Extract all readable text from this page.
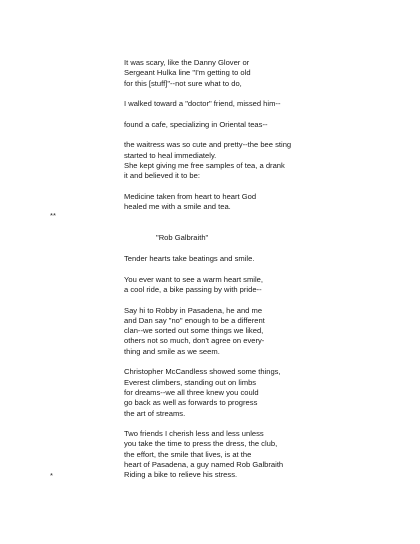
It was scary, like the Danny Glover or
Sergeant Hulka line "I'm getting to old
for this [stuff]"--not sure what to do,
I walked toward a "doctor" friend, missed him--
found a cafe, specializing in Oriental teas--
the waitress was so cute and pretty--the bee sting
started to heal immediately.
She kept giving me free samples of tea, a drank
it and believed it to be:
Medicine taken from heart to heart God
healed me with a smile and tea.
"Rob Galbraith"
Tender hearts take beatings and smile.
You ever want to see a warm heart smile,
a cool ride, a bike passing by with pride--
Say hi to Robby in Pasadena, he and me
and Dan say "no" enough to be a different
clan--we sorted out some things we liked,
others not so much, don't agree on every-
thing and smile as we seem.
Christopher McCandless showed some things,
Everest climbers, standing out on limbs
for dreams--we all three knew you could
go back as well as forwards to progress
the art of streams.
Two friends I cherish less and less unless
you take the time to press the dress, the club,
the effort, the smile that lives, is at the
heart of Pasadena, a guy named Rob Galbraith
Riding a bike to relieve his stress.
**
*
